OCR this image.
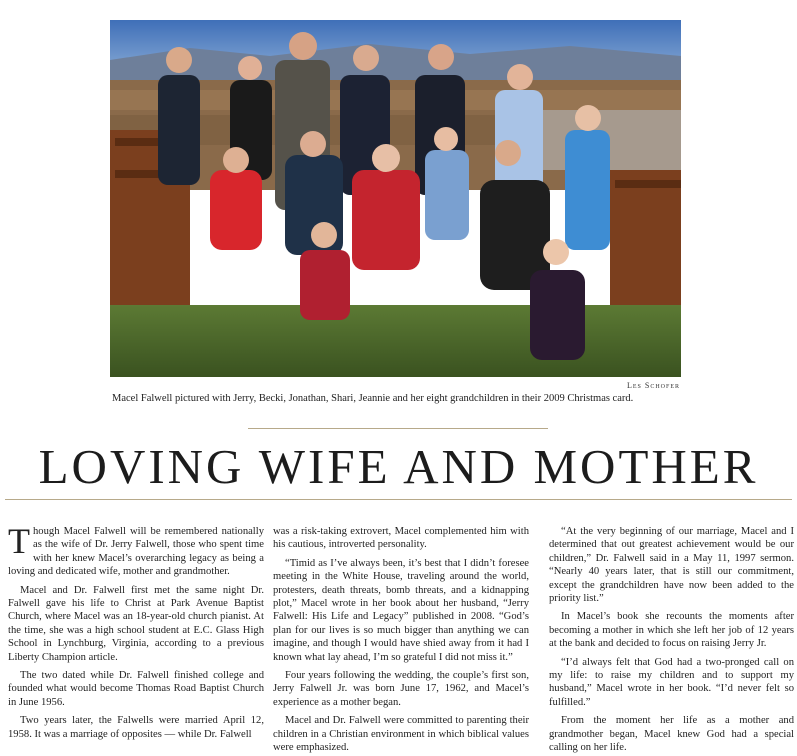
Les Schofer
Macel Falwell pictured with Jerry, Becki, Jonathan, Shari, Jeannie and her eight grandchildren in their 2009 Christmas card.
LOVING WIFE AND MOTHER

Though Macel Falwell will be remembered nationally as the wife of Dr. Jerry Falwell, those who spent time with her knew Macel’s overarching legacy as being a loving and dedicated wife, mother and grandmother.

Macel and Dr. Falwell first met the same night Dr. Falwell gave his life to Christ at Park Avenue Baptist Church, where Macel was an 18-year-old church pianist. At the time, she was a high school student at E.C. Glass High School in Lynchburg, Virginia, according to a previous Liberty Champion article.

The two dated while Dr. Falwell finished college and founded what would become Thomas Road Baptist Church in June 1956.

Two years later, the Falwells were married April 12, 1958. It was a marriage of opposites — while Dr. Falwell

was a risk-taking extrovert, Macel complemented him with his cautious, introverted personality.

“Timid as I’ve always been, it’s best that I didn’t foresee meeting in the White House, traveling around the world, protesters, death threats, bomb threats, and a kidnapping plot,” Macel wrote in her book about her husband, “Jerry Falwell: His Life and Legacy” published in 2008. “God’s plan for our lives is so much bigger than anything we can imagine, and though I would have shied away from it had I known what lay ahead, I’m so grateful I did not miss it.”

Four years following the wedding, the couple’s first son, Jerry Falwell Jr. was born June 17, 1962, and Macel’s experience as a mother began.

Macel and Dr. Falwell were committed to parenting their children in a Christian environment in which biblical values were emphasized.

“At the very beginning of our marriage, Macel and I determined that out greatest achievement would be our children,” Dr. Falwell said in a May 11, 1997 sermon. “Nearly 40 years later, that is still our commitment, except the grandchildren have now been added to the priority list.”

In Macel’s book she recounts the moments after becoming a mother in which she left her job of 12 years at the bank and decided to focus on raising Jerry Jr.

“I’d always felt that God had a two-pronged call on my life: to raise my children and to support my husband,” Macel wrote in her book. “I’d never felt so fulfilled.”

From the moment her life as a mother and grandmother began, Macel knew God had a special calling on her life.
